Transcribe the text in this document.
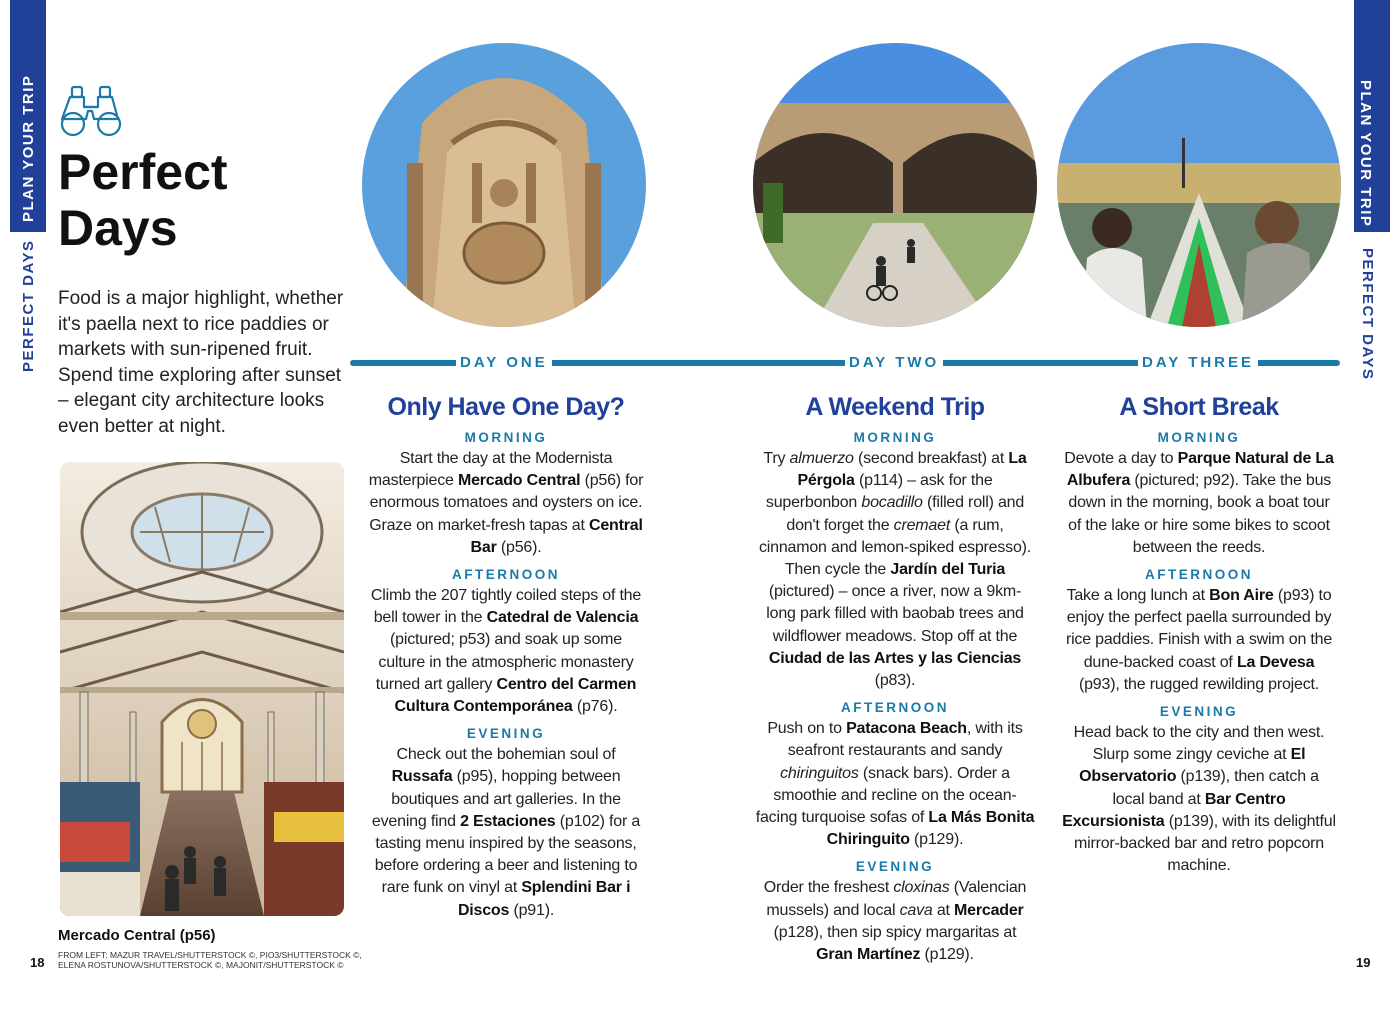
PLAN YOUR TRIP
PERFECT DAYS
PLAN YOUR TRIP
PERFECT DAYS
Perfect Days

Food is a major highlight, whether it's paella next to rice paddies or markets with sun-ripened fruit. Spend time exploring after sunset – elegant city architecture looks even better at night.

Mercado Central (p56)

18 FROM LEFT: MAZUR TRAVEL/SHUTTERSTOCK ©, PIO3/SHUTTERSTOCK ©, ELENA ROSTUNOVA/SHUTTERSTOCK ©, MAJONIT/SHUTTERSTOCK ©	19
DAY ONE	DAY TWO	DAY THREE
Only Have One Day?

MORNING

Start the day at the Modernista masterpiece Mercado Central (p56) for enormous tomatoes and oysters on ice. Graze on market-fresh tapas at Central Bar (p56).

AFTERNOON

Climb the 207 tightly coiled steps of the bell tower in the Catedral de Valencia (pictured; p53) and soak up some culture in the atmospheric monastery turned art gallery Centro del Carmen Cultura Contemporánea (p76).

EVENING

Check out the bohemian soul of Russafa (p95), hopping between boutiques and art galleries. In the evening find 2 Estaciones (p102) for a tasting menu inspired by the seasons, before ordering a beer and listening to rare funk on vinyl at Splendini Bar i Discos (p91).

A Weekend Trip

MORNING

Try almuerzo (second breakfast) at La Pérgola (p114) – ask for the superbonbon bocadillo (filled roll) and don't forget the cremaet (a rum, cinnamon and lemon-spiked espresso). Then cycle the Jardín del Turia (pictured) – once a river, now a 9km-long park filled with baobab trees and wildflower meadows. Stop off at the Ciudad de las Artes y las Ciencias (p83).

AFTERNOON

Push on to Patacona Beach, with its seafront restaurants and sandy chiringuitos (snack bars). Order a smoothie and recline on the ocean-facing turquoise sofas of La Más Bonita Chiringuito (p129).

EVENING

Order the freshest cloxinas (Valencian mussels) and local cava at Mercader (p128), then sip spicy margaritas at Gran Martínez (p129).

A Short Break

MORNING

Devote a day to Parque Natural de La Albufera (pictured; p92). Take the bus down in the morning, book a boat tour of the lake or hire some bikes to scoot between the reeds.

AFTERNOON

Take a long lunch at Bon Aire (p93) to enjoy the perfect paella surrounded by rice paddies. Finish with a swim on the dune-backed coast of La Devesa (p93), the rugged rewilding project.

EVENING

Head back to the city and then west. Slurp some zingy ceviche at El Observatorio (p139), then catch a local band at Bar Centro Excursionista (p139), with its delightful mirror-backed bar and retro popcorn machine.
